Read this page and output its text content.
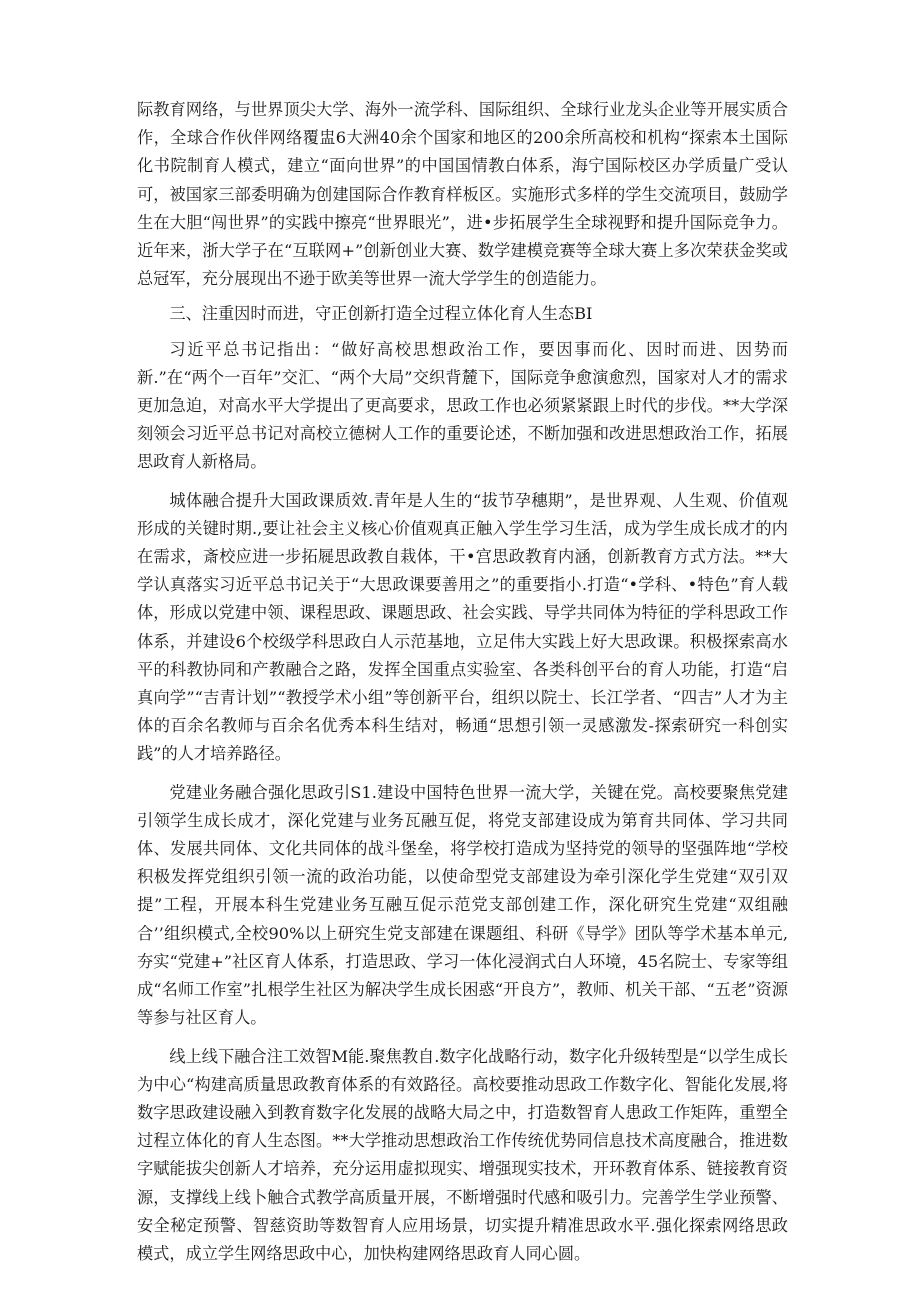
际教育网络，与世界顶尖大学、海外一流学科、国际组织、全球行业龙头企业等开展实质合作，全球合作伙伴网络覆盅6大洲40余个国家和地区的200余所高校和机构“探索本土国际化书院制育人模式，建立“面向世界”的中国国情教白体系，海宁国际校区办学质量广受认可，被国家三部委明确为创建国际合作教育样板区。实施形式多样的学生交流项目，鼓励学生在大胆“闯世界”的实践中擦亮“世界眼光”，进•步拓展学生全球视野和提升国际竞争力。近年来，浙大学子在“互联网+”创新创业大赛、数学建模竞赛等全球大赛上多次荣获金奖或总冠军，充分展现出不逊于欧美等世界一流大学学生的创造能力。

三、注重因时而进，守正创新打造全过程立体化育人生态BI

习近平总书记指出：“做好高校思想政治工作，要因事而化、因时而进、因势而新.”在“两个一百年”交汇、“两个大局”交织背麓下，国际竞争愈演愈烈，国家对人才的需求更加急迫，对高水平大学提出了更高要求，思政工作也必须紧紧跟上时代的步伐。**大学深刻领会习近平总书记对高校立德树人工作的重要论述，不断加强和改进思想政治工作，拓展思政育人新格局。

城体融合提升大国政课质效.青年是人生的“拔节孕穗期”，是世界观、人生观、价值观形成的关键时期.,要让社会主义核心价值观真正触入学生学习生活，成为学生成长成才的内在需求，斎校应进一步拓屣思政教自栽体，干•宫思政教育内涵，创新教育方式方法。**大学认真落实习近平总书记关于“大思政课要善用之”的重要指小.打造“•学科、•特色”育人载体，形成以党建中领、课程思政、课题思政、社会实践、导学共同体为特征的学科思政工作体系，并建设6个校级学科思政白人示范基地，立足伟大实践上好大思政课。积极探索高水平的科教协同和产教融合之路，发挥全国重点实验室、各类科创平台的育人功能，打造“启真向学”“吉青计划”“教授学术小组”等创新平台，组织以院士、长江学者、“四吉”人才为主体的百余名教师与百余名优秀本科生结对，畅通“思想引领一灵感激发-探索研究一科创实践”的人才培养路径。

党建业务融合强化思政引S1.建设中国特色世界一流大学，关键在党。高校要聚焦党建引领学生成长成才，深化党建与业务瓦融互促，将党支部建设成为第育共同体、学习共同体、发展共同体、文化共同体的战斗堡垒，将学校打造成为坚持党的领导的坚强阵地“学校积极发挥党组织引领一流的政治功能，以使命型党支部建设为牵引深化学生党建“双引双提”工程，开展本科生党建业务互融互促示范党支部创建工作，深化研究生党建“双组融合’’组织模式,全校90%以上研究生党支部建在课题组、科研《导学》团队等学术基本单元,夯实“党建+”社区育人体系，打造思政、学习一体化浸润式白人环境，45名院士、专家等组成“名师工作室”扎根学生社区为解决学生成长困惑“开良方”，教师、机关干部、“五老”资源等参与社区育人。

线上线下融合注工效智M能.聚焦教自.数字化战略行动，数字化升级转型是“以学生成长为中心“构建高质量思政教育体系的有效路径。高校要推动思政工作数字化、智能化发展,将数字思政建设融入到教育数字化发展的战略大局之中，打造数智育人患政工作矩阵，重塑全过程立体化的育人生态图。**大学推动思想政治工作传统优势同信息技术高度融合，推进数字赋能拔尖创新人才培养，充分运用虚拟现实、增强现实技术，开环教育体系、链接教育资源，支撑线上线卜触合式教学高质量开展，不断增强时代感和吸引力。完善学生学业预警、安全秘定预警、智慈资助等数智育人应用场景，切实提升精准思政水平.强化探索网络思政模式，成立学生网络思政中心，加快构建网络思政育人同心圆。
